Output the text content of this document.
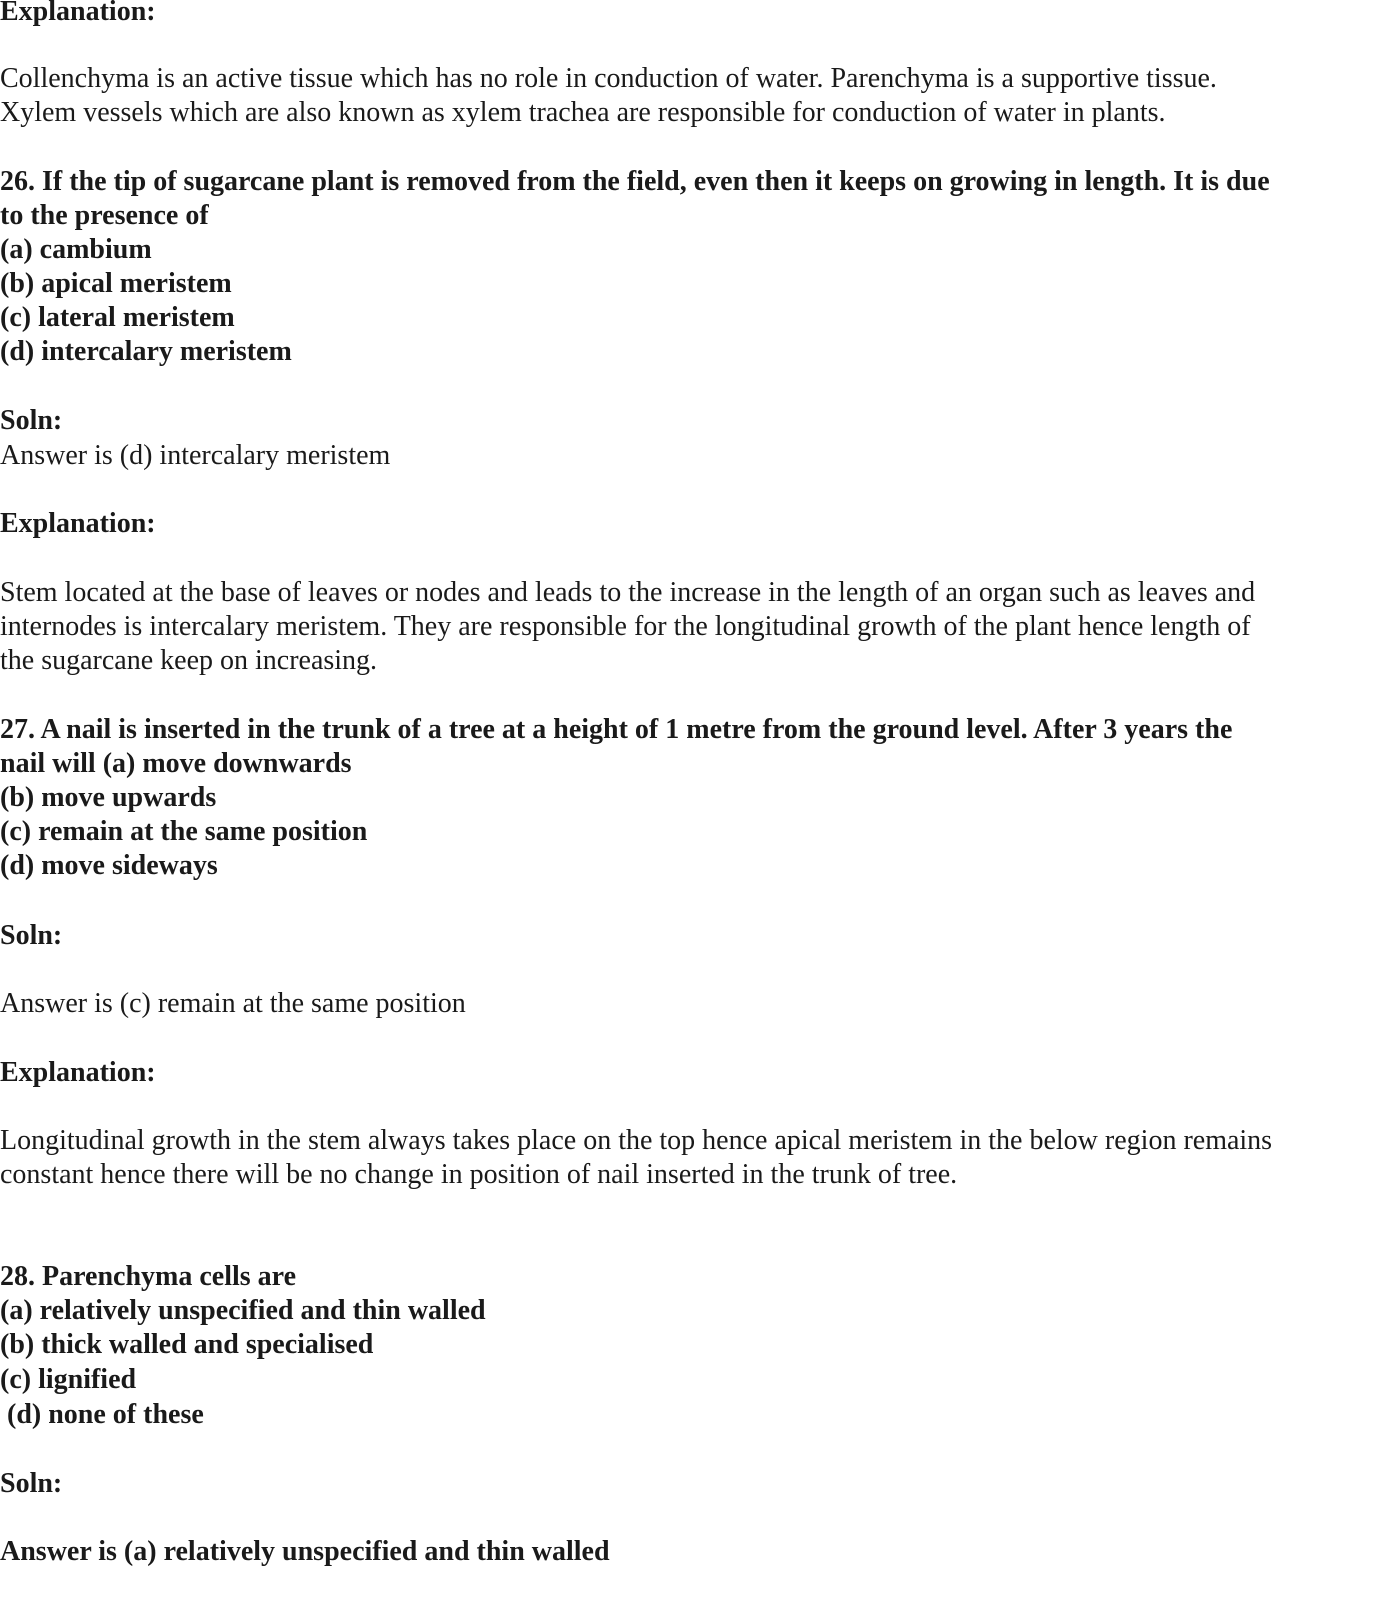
Explanation:
Collenchyma is an active tissue which has no role in conduction of water. Parenchyma is a supportive tissue.
Xylem vessels which are also known as xylem trachea are responsible for conduction of water in plants.
26. If the tip of sugarcane plant is removed from the field, even then it keeps on growing in length. It is due
to the presence of
(a) cambium
(b) apical meristem
(c) lateral meristem
(d) intercalary meristem
Soln:
Answer is (d) intercalary meristem
Explanation:
Stem located at the base of leaves or nodes and leads to the increase in the length of an organ such as leaves and
internodes is intercalary meristem. They are responsible for the longitudinal growth of the plant hence length of
the sugarcane keep on increasing.
27. A nail is inserted in the trunk of a tree at a height of 1 metre from the ground level. After 3 years the
nail will (a) move downwards
(b) move upwards
(c) remain at the same position
(d) move sideways
Soln:
Answer is (c) remain at the same position
Explanation:
Longitudinal growth in the stem always takes place on the top hence apical meristem in the below region remains
constant hence there will be no change in position of nail inserted in the trunk of tree.
28. Parenchyma cells are
(a) relatively unspecified and thin walled
(b) thick walled and specialised
(c) lignified
(d) none of these
Soln:
Answer is (a) relatively unspecified and thin walled
